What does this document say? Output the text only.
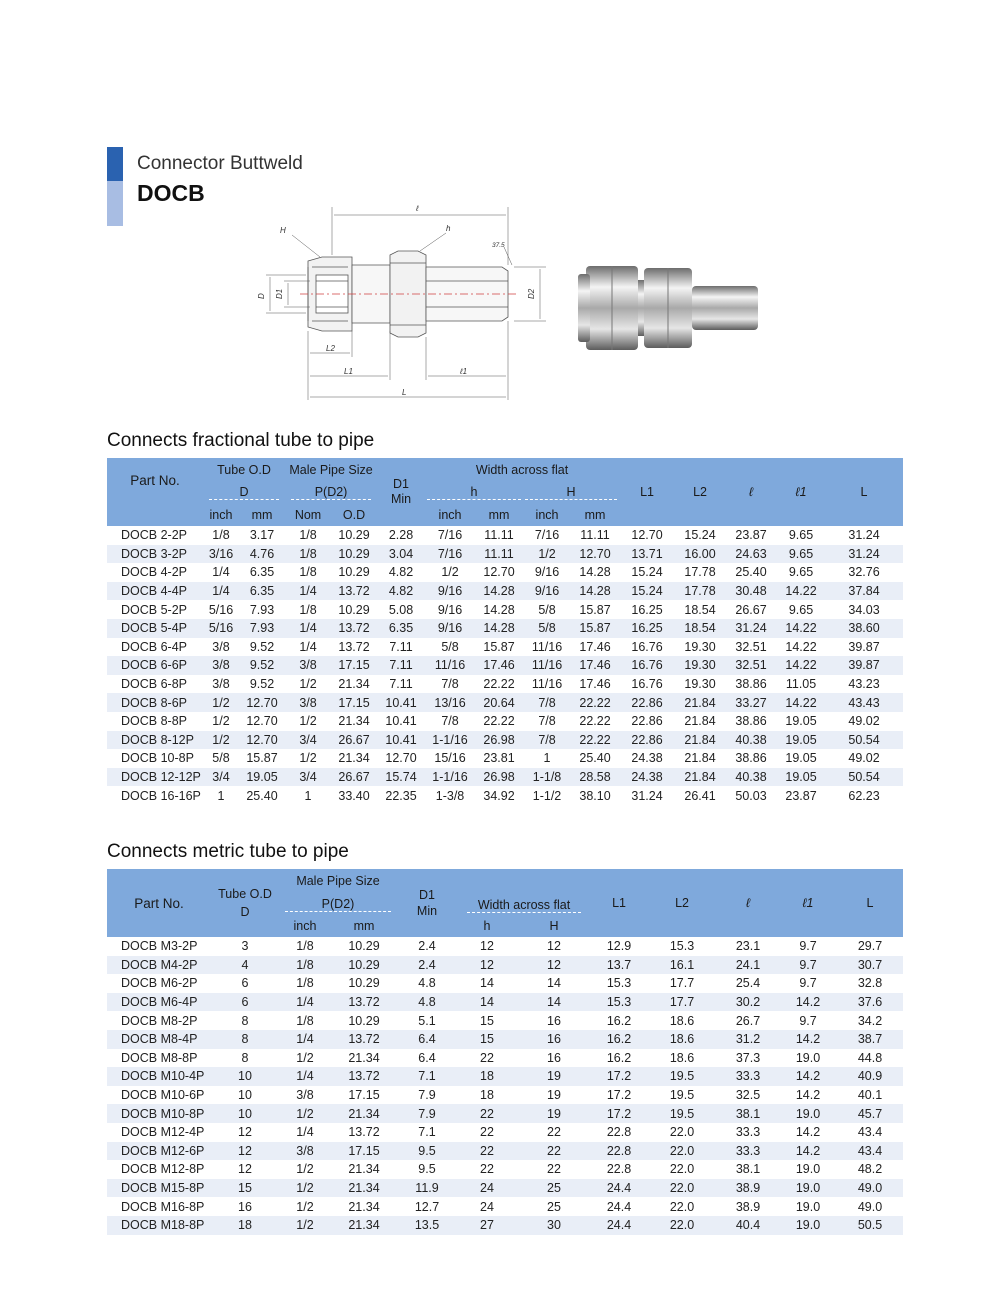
Connector Buttweld
DOCB
ℓ
H	h
37.5
D D1	D2
L2
L1	ℓ1
L
Connects fractional tube to pipe
Part No.	Tube O.D		Male Pipe Size		D1
Min	Width across flat				L1	L2	ℓ	ℓ1	L

	D		P(D2)			h		H						

	inch	mm	Nom	O.D		inch	mm	inch	mm					
DOCB 2-2P	1/8	3.17	1/8	10.29	2.28	7/16	11.11	7/16	11.11	12.70	15.24	23.87	9.65	31.24
DOCB 3-2P	3/16	4.76	1/8	10.29	3.04	7/16	11.11	1/2	12.70	13.71	16.00	24.63	9.65	31.24
DOCB 4-2P	1/4	6.35	1/8	10.29	4.82	1/2	12.70	9/16	14.28	15.24	17.78	25.40	9.65	32.76
DOCB 4-4P	1/4	6.35	1/4	13.72	4.82	9/16	14.28	9/16	14.28	15.24	17.78	30.48	14.22	37.84
DOCB 5-2P	5/16	7.93	1/8	10.29	5.08	9/16	14.28	5/8	15.87	16.25	18.54	26.67	9.65	34.03
DOCB 5-4P	5/16	7.93	1/4	13.72	6.35	9/16	14.28	5/8	15.87	16.25	18.54	31.24	14.22	38.60
DOCB 6-4P	3/8	9.52	1/4	13.72	7.11	5/8	15.87	11/16	17.46	16.76	19.30	32.51	14.22	39.87
DOCB 6-6P	3/8	9.52	3/8	17.15	7.11	11/16	17.46	11/16	17.46	16.76	19.30	32.51	14.22	39.87
DOCB 6-8P	3/8	9.52	1/2	21.34	7.11	7/8	22.22	11/16	17.46	16.76	19.30	38.86	11.05	43.23
DOCB 8-6P	1/2	12.70	3/8	17.15	10.41	13/16	20.64	7/8	22.22	22.86	21.84	33.27	14.22	43.43
DOCB 8-8P	1/2	12.70	1/2	21.34	10.41	7/8	22.22	7/8	22.22	22.86	21.84	38.86	19.05	49.02
DOCB 8-12P	1/2	12.70	3/4	26.67	10.41	1-1/16	26.98	7/8	22.22	22.86	21.84	40.38	19.05	50.54
DOCB 10-8P	5/8	15.87	1/2	21.34	12.70	15/16	23.81	1	25.40	24.38	21.84	38.86	19.05	49.02
DOCB 12-12P	3/4	19.05	3/4	26.67	15.74	1-1/16	26.98	1-1/8	28.58	24.38	21.84	40.38	19.05	50.54
DOCB 16-16P	1	25.40	1	33.40	22.35	1-3/8	34.92	1-1/2	38.10	31.24	26.41	50.03	23.87	62.23
Connects metric tube to pipe
Part No.	Tube O.D
D	Male Pipe Size		D1
Min	Width across flat		L1	L2	ℓ	ℓ1	L

		P(D2)									

		inch	mm		h	H					
DOCB M3-2P	3	1/8	10.29	2.4	12	12	12.9	15.3	23.1	9.7	29.7
DOCB M4-2P	4	1/8	10.29	2.4	12	12	13.7	16.1	24.1	9.7	30.7
DOCB M6-2P	6	1/8	10.29	4.8	14	14	15.3	17.7	25.4	9.7	32.8
DOCB M6-4P	6	1/4	13.72	4.8	14	14	15.3	17.7	30.2	14.2	37.6
DOCB M8-2P	8	1/8	10.29	5.1	15	16	16.2	18.6	26.7	9.7	34.2
DOCB M8-4P	8	1/4	13.72	6.4	15	16	16.2	18.6	31.2	14.2	38.7
DOCB M8-8P	8	1/2	21.34	6.4	22	16	16.2	18.6	37.3	19.0	44.8
DOCB M10-4P	10	1/4	13.72	7.1	18	19	17.2	19.5	33.3	14.2	40.9
DOCB M10-6P	10	3/8	17.15	7.9	18	19	17.2	19.5	32.5	14.2	40.1
DOCB M10-8P	10	1/2	21.34	7.9	22	19	17.2	19.5	38.1	19.0	45.7
DOCB M12-4P	12	1/4	13.72	7.1	22	22	22.8	22.0	33.3	14.2	43.4
DOCB M12-6P	12	3/8	17.15	9.5	22	22	22.8	22.0	33.3	14.2	43.4
DOCB M12-8P	12	1/2	21.34	9.5	22	22	22.8	22.0	38.1	19.0	48.2
DOCB M15-8P	15	1/2	21.34	11.9	24	25	24.4	22.0	38.9	19.0	49.0
DOCB M16-8P	16	1/2	21.34	12.7	24	25	24.4	22.0	38.9	19.0	49.0
DOCB M18-8P	18	1/2	21.34	13.5	27	30	24.4	22.0	40.4	19.0	50.5
